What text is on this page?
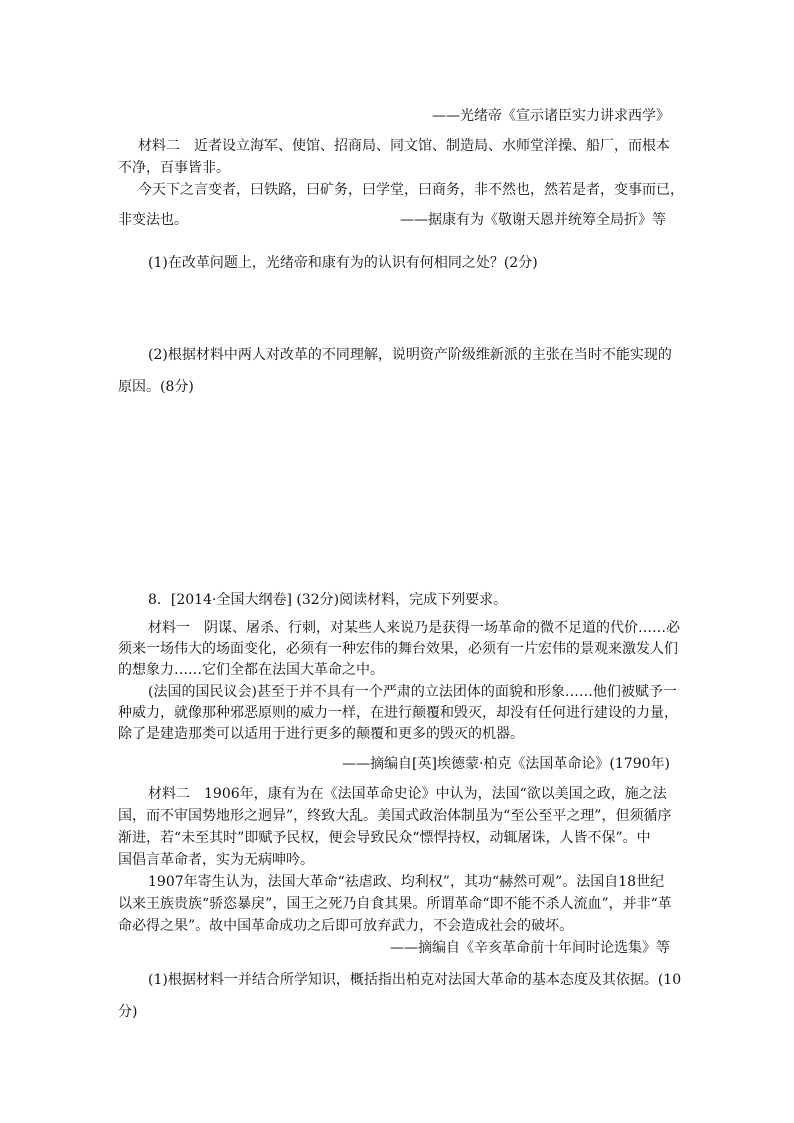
——光绪帝《宣示诸臣实力讲求西学》
材料二　近者设立海军、使馆、招商局、同文馆、制造局、水师堂洋操、船厂，而根本
不净，百事皆非。
今天下之言变者，曰铁路，曰矿务，曰学堂，曰商务，非不然也，然若是者，变事而已，
非变法也。	——据康有为《敬谢天恩并统筹全局折》等
(1)在改革问题上，光绪帝和康有为的认识有何相同之处？(2分)
(2)根据材料中两人对改革的不同理解，说明资产阶级维新派的主张在当时不能实现的
原因。(8分)
8．[2014·全国大纲卷] (32分)阅读材料，完成下列要求。
材料一　阴谋、屠杀、行刺，对某些人来说乃是获得一场革命的微不足道的代价……必
须来一场伟大的场面变化，必须有一种宏伟的舞台效果，必须有一片宏伟的景观来激发人们
的想象力……它们全都在法国大革命之中。
(法国的国民议会)甚至于并不具有一个严肃的立法团体的面貌和形象……他们被赋予一
种威力，就像那种邪恶原则的威力一样，在进行颠覆和毁灭，却没有任何进行建设的力量，
除了是建造那类可以适用于进行更多的颠覆和更多的毁灭的机器。
——摘编自[英]埃德蒙·柏克《法国革命论》(1790年)
材料二　1906年，康有为在《法国革命史论》中认为，法国“欲以美国之政，施之法
国，而不审国势地形之迥异”，终致大乱。美国式政治体制虽为“至公至平之理”，但须循序
渐进，若“未至其时”即赋予民权，便会导致民众“慓悍持权，动辄屠诛，人皆不保”。中
国倡言革命者，实为无病呻吟。
1907年寄生认为，法国大革命“祛虐政、均利权”，其功“赫然可观”。法国自18世纪
以来王族贵族“骄恣暴戾”，国王之死乃自食其果。所谓革命“即不能不杀人流血”，并非“革
命必得之果”。故中国革命成功之后即可放弃武力，不会造成社会的破坏。
——摘编自《辛亥革命前十年间时论选集》等
(1)根据材料一并结合所学知识，概括指出柏克对法国大革命的基本态度及其依据。(10
分)
